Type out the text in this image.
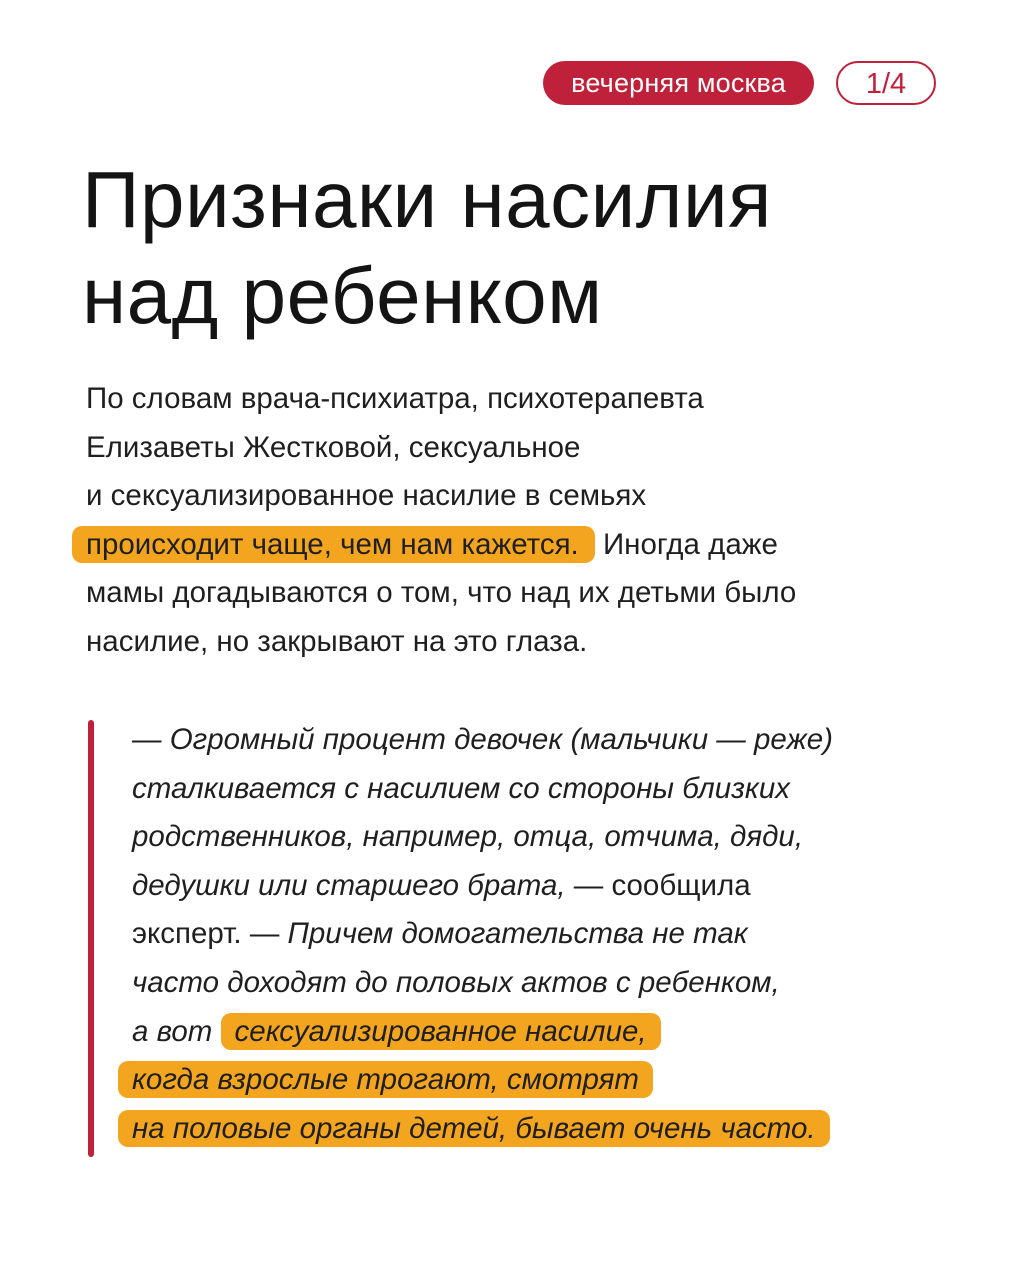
вечерняя москва	1/4
Признаки насилия
над ребенком
По словам врача-психиатра, психотерапевта
Елизаветы Жестковой, сексуальное
и сексуализированное насилие в семьях
происходит чаще, чем нам кажется. Иногда даже
мамы догадываются о том, что над их детьми было
насилие, но закрывают на это глаза.
— Огромный процент девочек (мальчики — реже)
сталкивается с насилием со стороны близких
родственников, например, отца, отчима, дяди,
дедушки или старшего брата, — сообщила
эксперт. — Причем домогательства не так
часто доходят до половых актов с ребенком,
а вот сексуализированное насилие,
когда взрослые трогают, смотрят
на половые органы детей, бывает очень часто.
